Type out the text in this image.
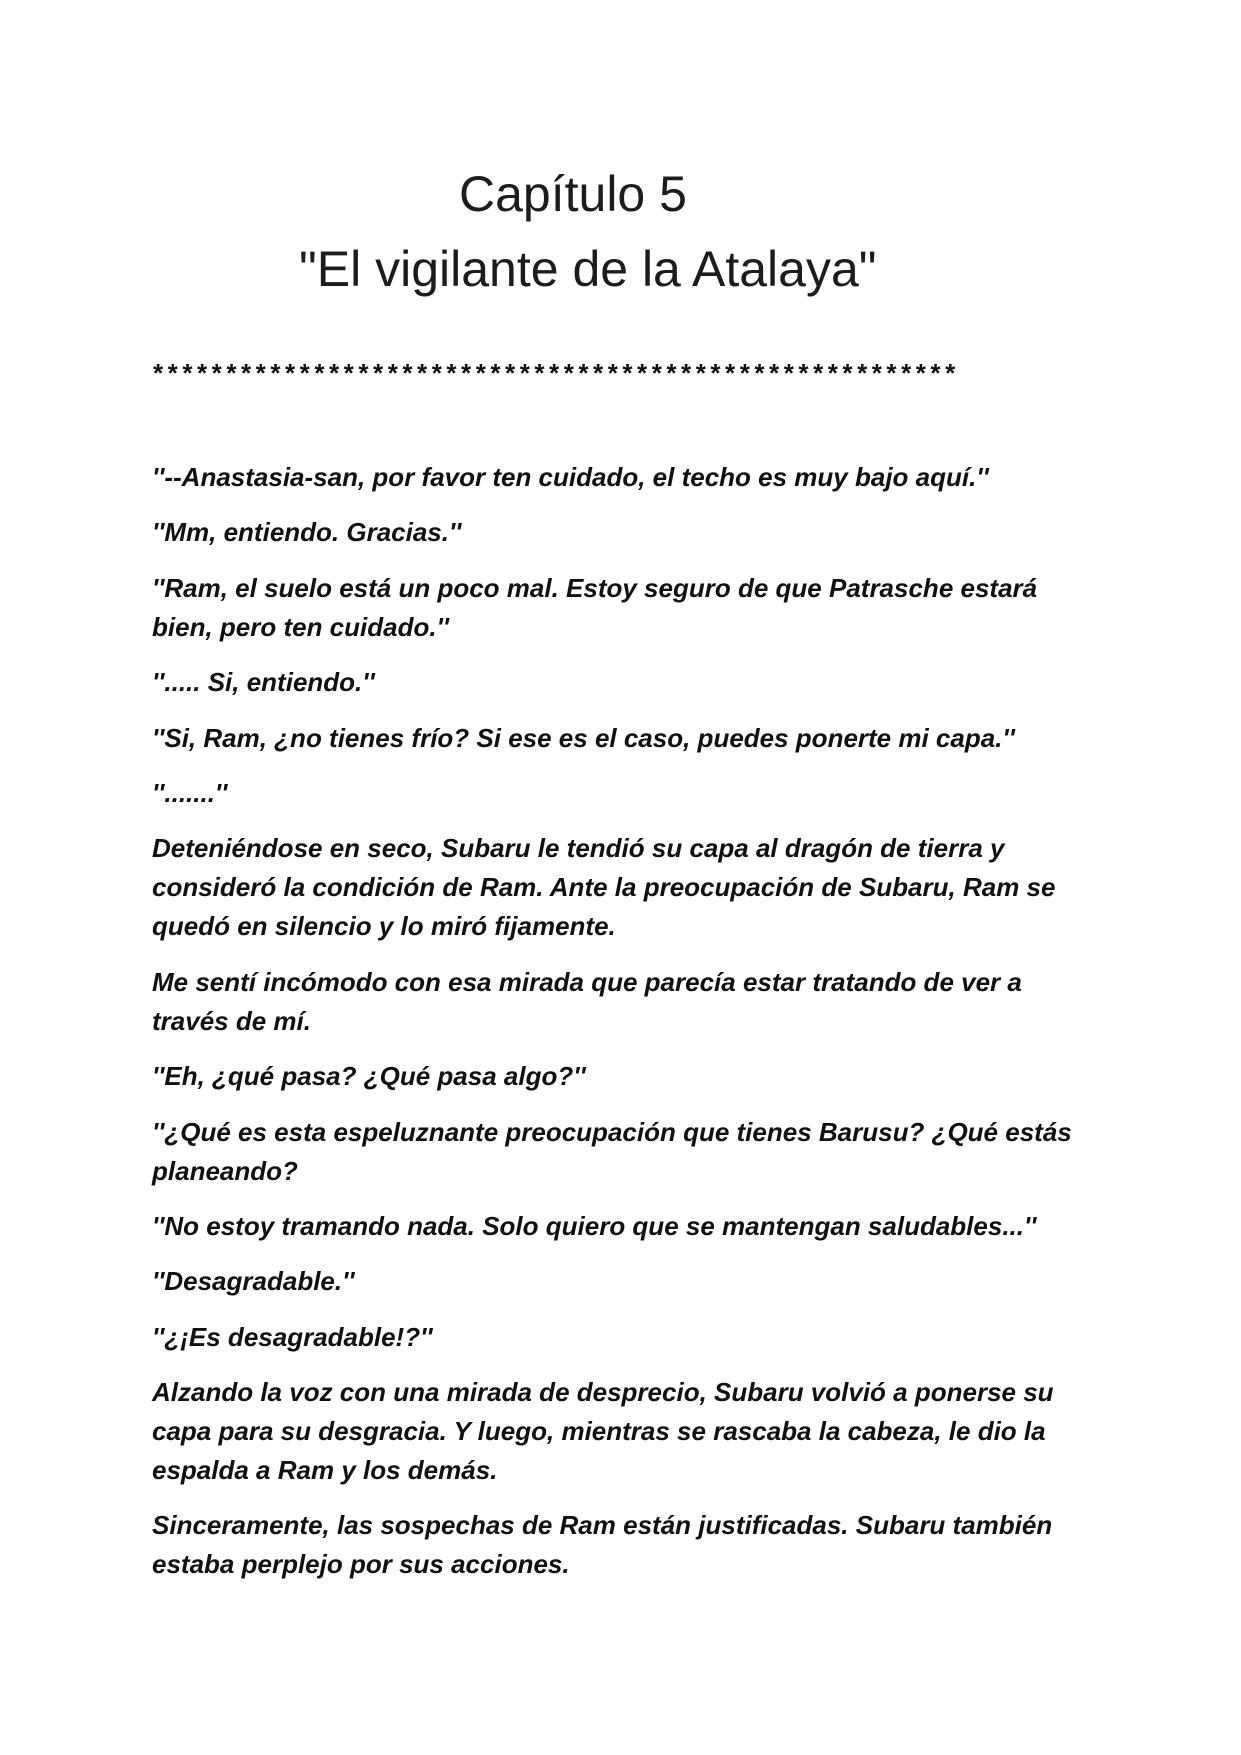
Capítulo 5
"El vigilante de la Atalaya"
*******************************************************
''--Anastasia-san, por favor ten cuidado, el techo es muy bajo aquí.''
''Mm, entiendo. Gracias.''
''Ram, el suelo está un poco mal. Estoy seguro de que Patrasche estará
bien, pero ten cuidado.''
''..... Si, entiendo.''
''Si, Ram, ¿no tienes frío? Si ese es el caso, puedes ponerte mi capa.''
''.......''
Deteniéndose en seco, Subaru le tendió su capa al dragón de tierra y
consideró la condición de Ram. Ante la preocupación de Subaru, Ram se
quedó en silencio y lo miró fijamente.
Me sentí incómodo con esa mirada que parecía estar tratando de ver a
través de mí.
''Eh, ¿qué pasa? ¿Qué pasa algo?''
''¿Qué es esta espeluznante preocupación que tienes Barusu? ¿Qué estás
planeando?
''No estoy tramando nada. Solo quiero que se mantengan saludables...''
''Desagradable.''
''¿¡Es desagradable!?''
Alzando la voz con una mirada de desprecio, Subaru volvió a ponerse su
capa para su desgracia. Y luego, mientras se rascaba la cabeza, le dio la
espalda a Ram y los demás.
Sinceramente, las sospechas de Ram están justificadas. Subaru también
estaba perplejo por sus acciones.
